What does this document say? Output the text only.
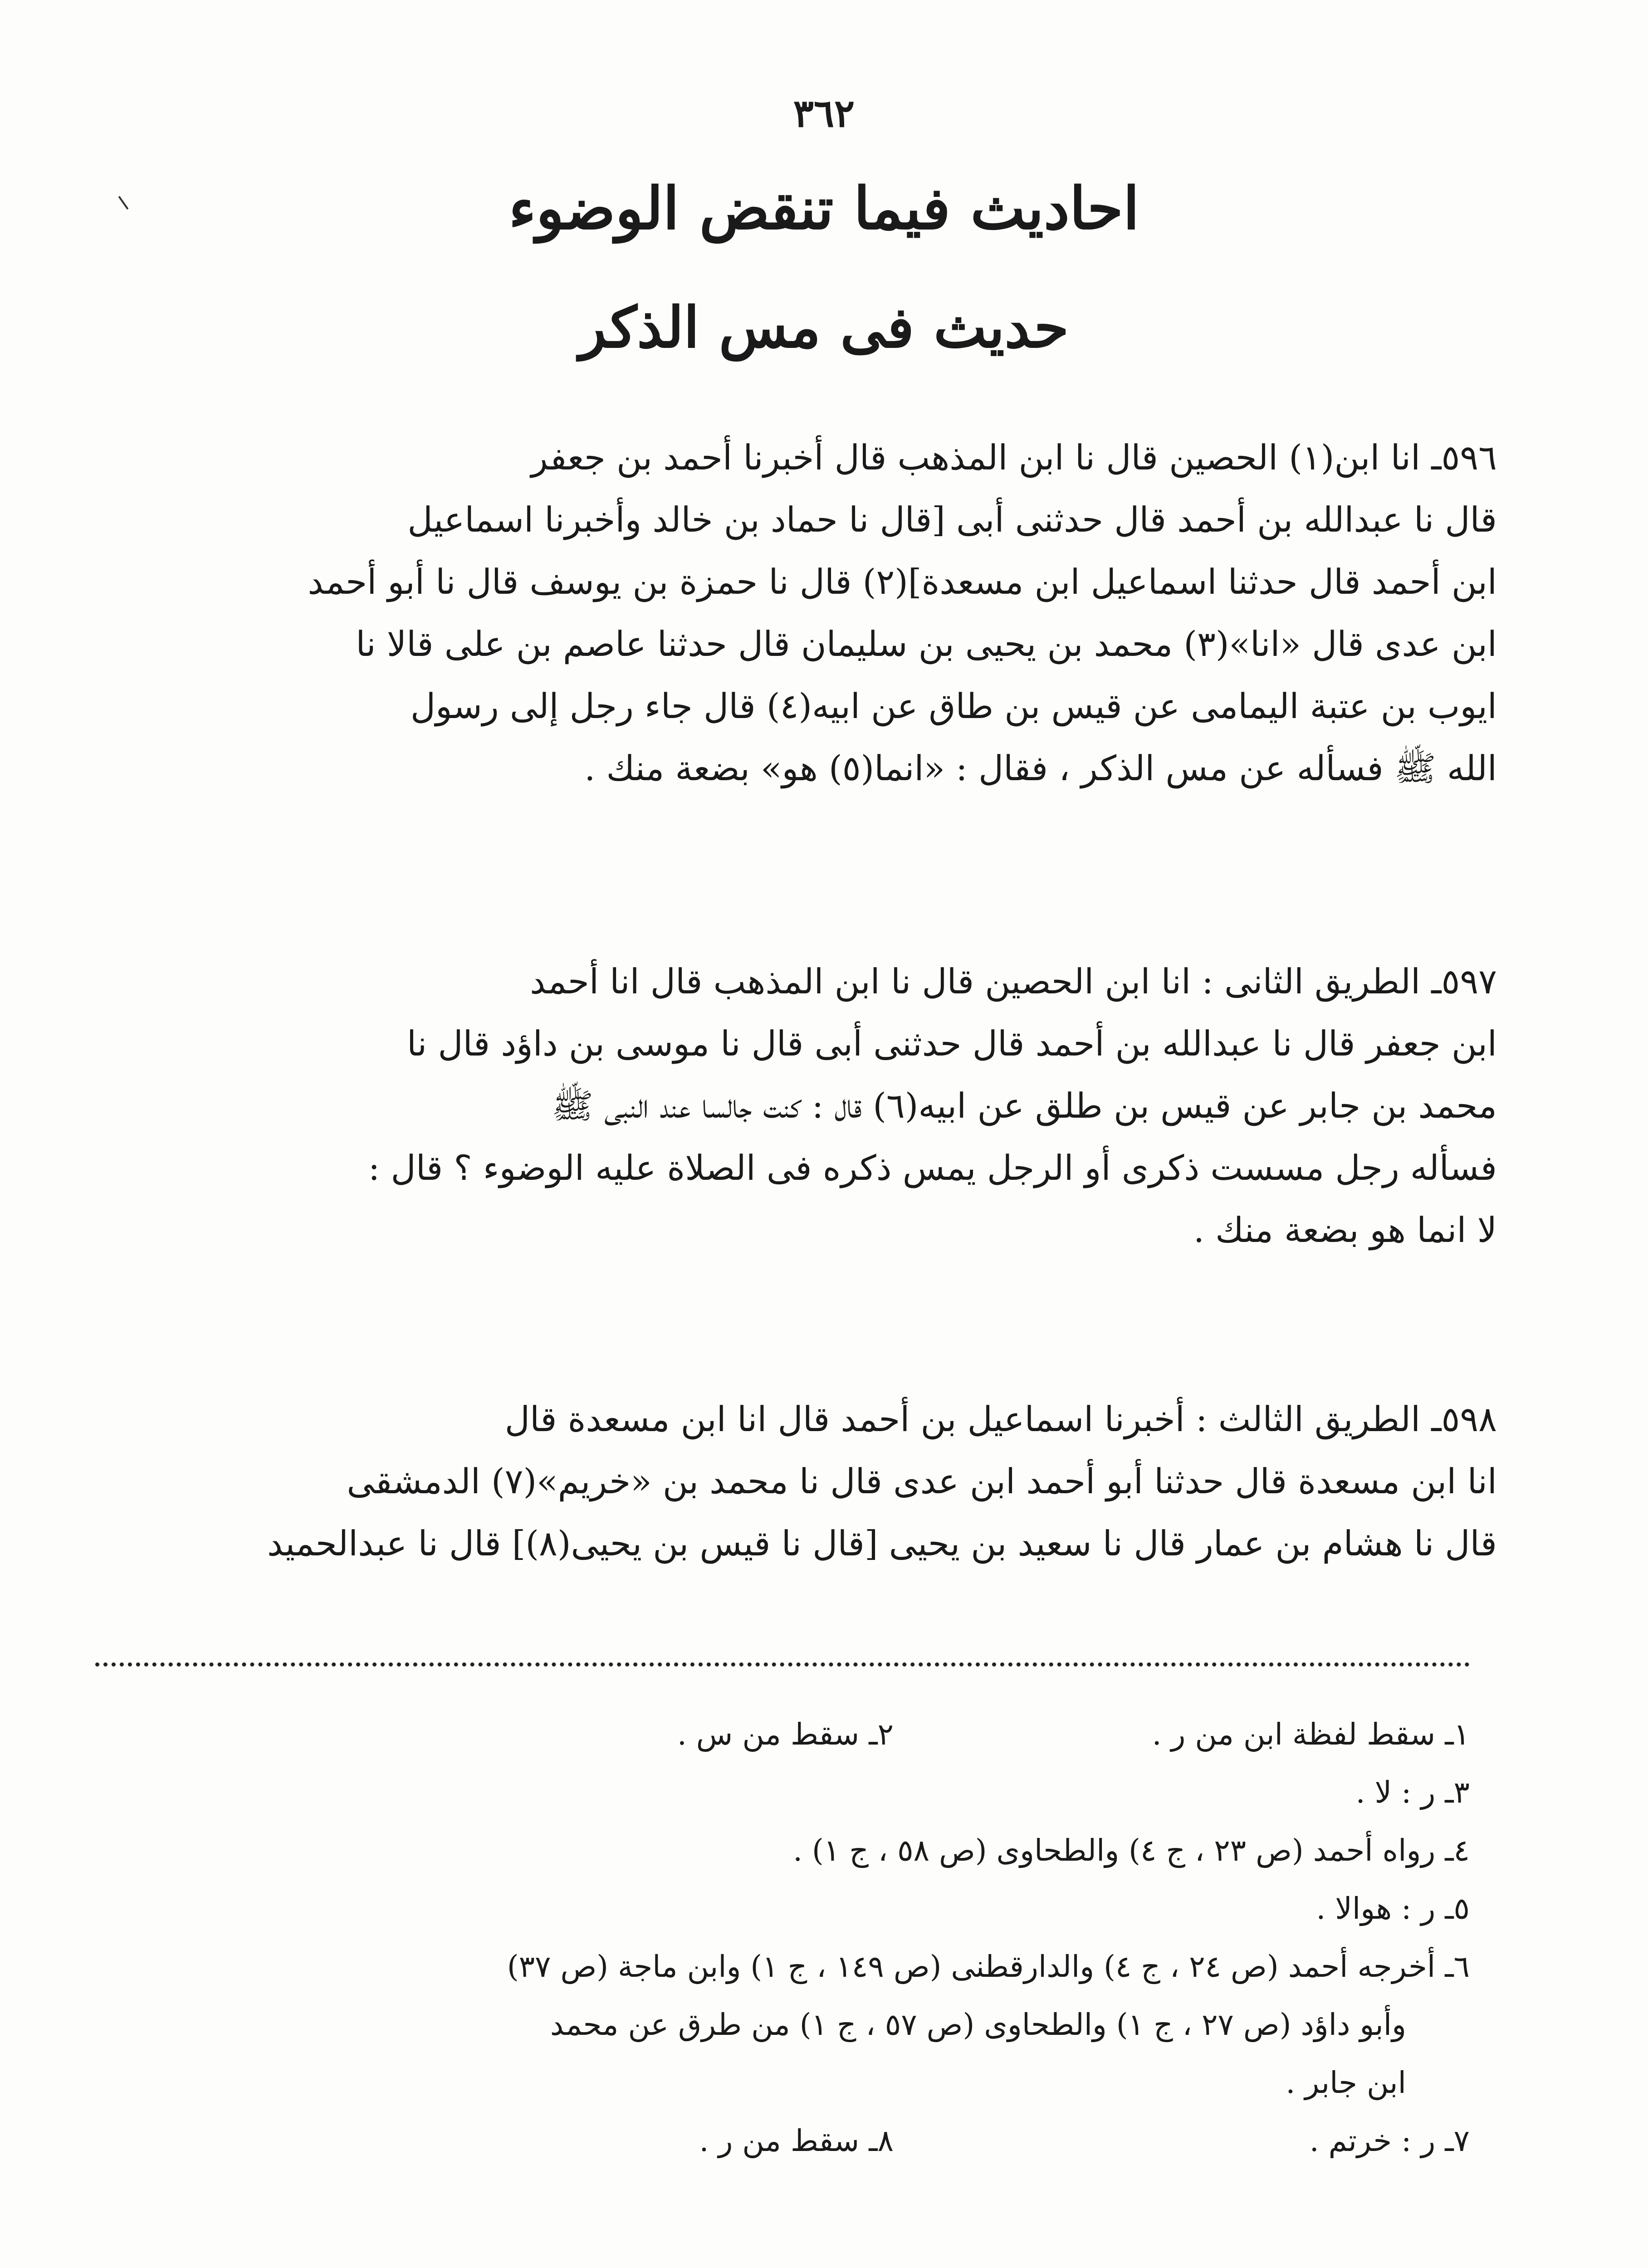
٣٦٢
احاديث فيما تنقض الوضوء
حديث فى مس الذكر
٥٩٦ـ انا ابن(١) الحصين قال نا ابن المذهب قال أخبرنا أحمد بن جعفر
قال نا عبدالله بن أحمد قال حدثنى أبى [قال نا حماد بن خالد وأخبرنا اسماعيل
ابن أحمد قال حدثنا اسماعيل ابن مسعدة](٢) قال نا حمزة بن يوسف قال نا أبو أحمد
ابن عدى قال «انا»(٣) محمد بن يحيى بن سليمان قال حدثنا عاصم بن على قالا نا
ايوب بن عتبة اليمامى عن قيس بن طاق عن ابيه(٤) قال جاء رجل إلى رسول
الله ﷺ فسأله عن مس الذكر ، فقال : «انما(٥) هو» بضعة منك .
٥٩٧ـ الطريق الثانى : انا ابن الحصين قال نا ابن المذهب قال انا أحمد
ابن جعفر قال نا عبدالله بن أحمد قال حدثنى أبى قال نا موسى بن داؤد قال نا
محمد بن جابر عن قيس بن طلق عن ابيه(٦) قال : كنت جالسا عند النبى ﷺ
فسأله رجل مسست ذكرى أو الرجل يمس ذكره فى الصلاة عليه الوضوء ؟ قال :
لا انما هو بضعة منك .
٥٩٨ـ الطريق الثالث : أخبرنا اسماعيل بن أحمد قال انا ابن مسعدة قال
انا ابن مسعدة قال حدثنا أبو أحمد ابن عدى قال نا محمد بن «خريم»(٧) الدمشقى
قال نا هشام بن عمار قال نا سعيد بن يحيى [قال نا قيس بن يحيى(٨)] قال نا عبدالحميد
١ـ سقط لفظة ابن من ر .
٢ـ سقط من س .
٣ـ ر : لا .
٤ـ رواه أحمد (ص ٢٣ ، ج ٤) والطحاوى (ص ٥٨ ، ج ١) .
٥ـ ر : هوالا .
٦ـ أخرجه أحمد (ص ٢٤ ، ج ٤) والدارقطنى (ص ١٤٩ ، ج ١) وابن ماجة (ص ٣٧)
وأبو داؤد (ص ٢٧ ، ج ١) والطحاوى (ص ٥٧ ، ج ١) من طرق عن محمد
ابن جابر .
٧ـ ر : خرتم .
٨ـ سقط من ر .
